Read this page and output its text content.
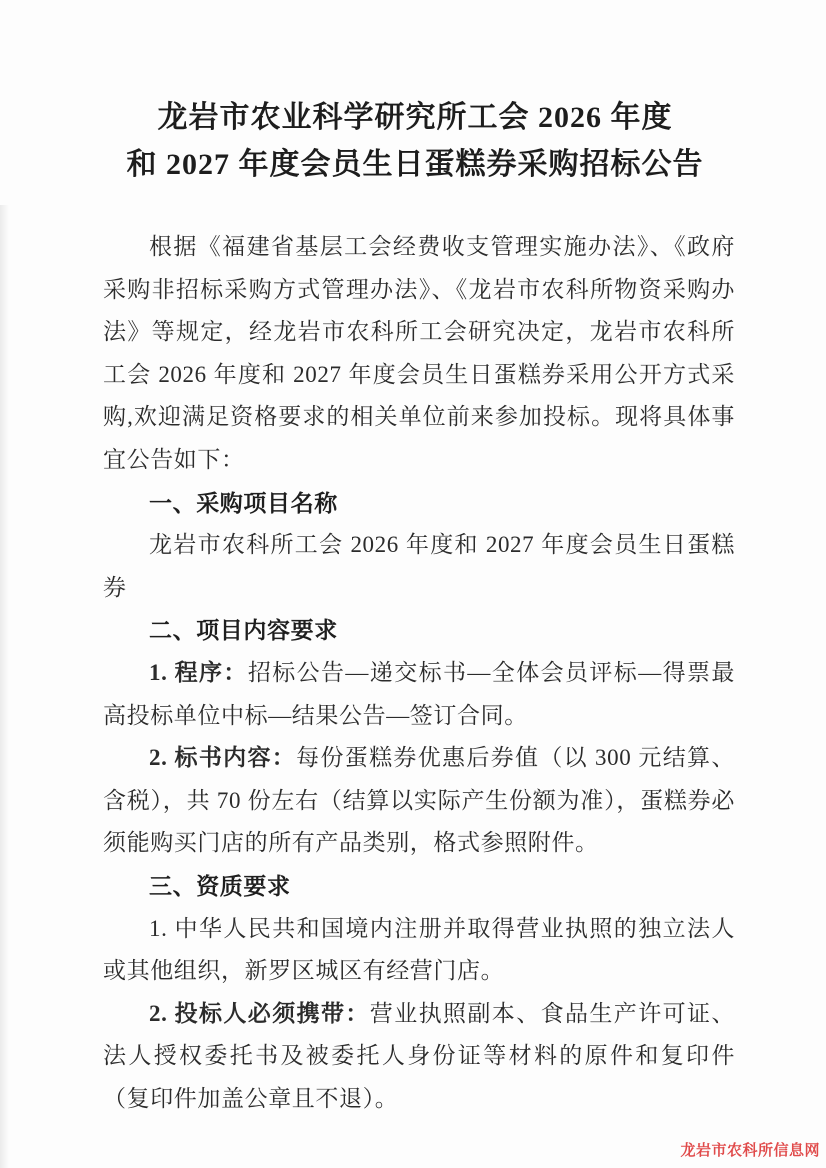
龙岩市农业科学研究所工会 2026 年度
和 2027 年度会员生日蛋糕券采购招标公告

根据《福建省基层工会经费收支管理实施办法》、《政府采购非招标采购方式管理办法》、《龙岩市农科所物资采购办法》等规定，经龙岩市农科所工会研究决定，龙岩市农科所工会 2026 年度和 2027 年度会员生日蛋糕券采用公开方式采购,欢迎满足资格要求的相关单位前来参加投标。现将具体事宜公告如下：

一、采购项目名称

龙岩市农科所工会 2026 年度和 2027 年度会员生日蛋糕券

二、项目内容要求

1. 程序：招标公告—递交标书—全体会员评标—得票最高投标单位中标—结果公告—签订合同。

2. 标书内容：每份蛋糕券优惠后券值（以 300 元结算、含税），共 70 份左右（结算以实际产生份额为准），蛋糕券必须能购买门店的所有产品类别，格式参照附件。

三、资质要求

1. 中华人民共和国境内注册并取得营业执照的独立法人或其他组织，新罗区城区有经营门店。

2. 投标人必须携带：营业执照副本、食品生产许可证、法人授权委托书及被委托人身份证等材料的原件和复印件（复印件加盖公章且不退）。

龙岩市农科所信息网
